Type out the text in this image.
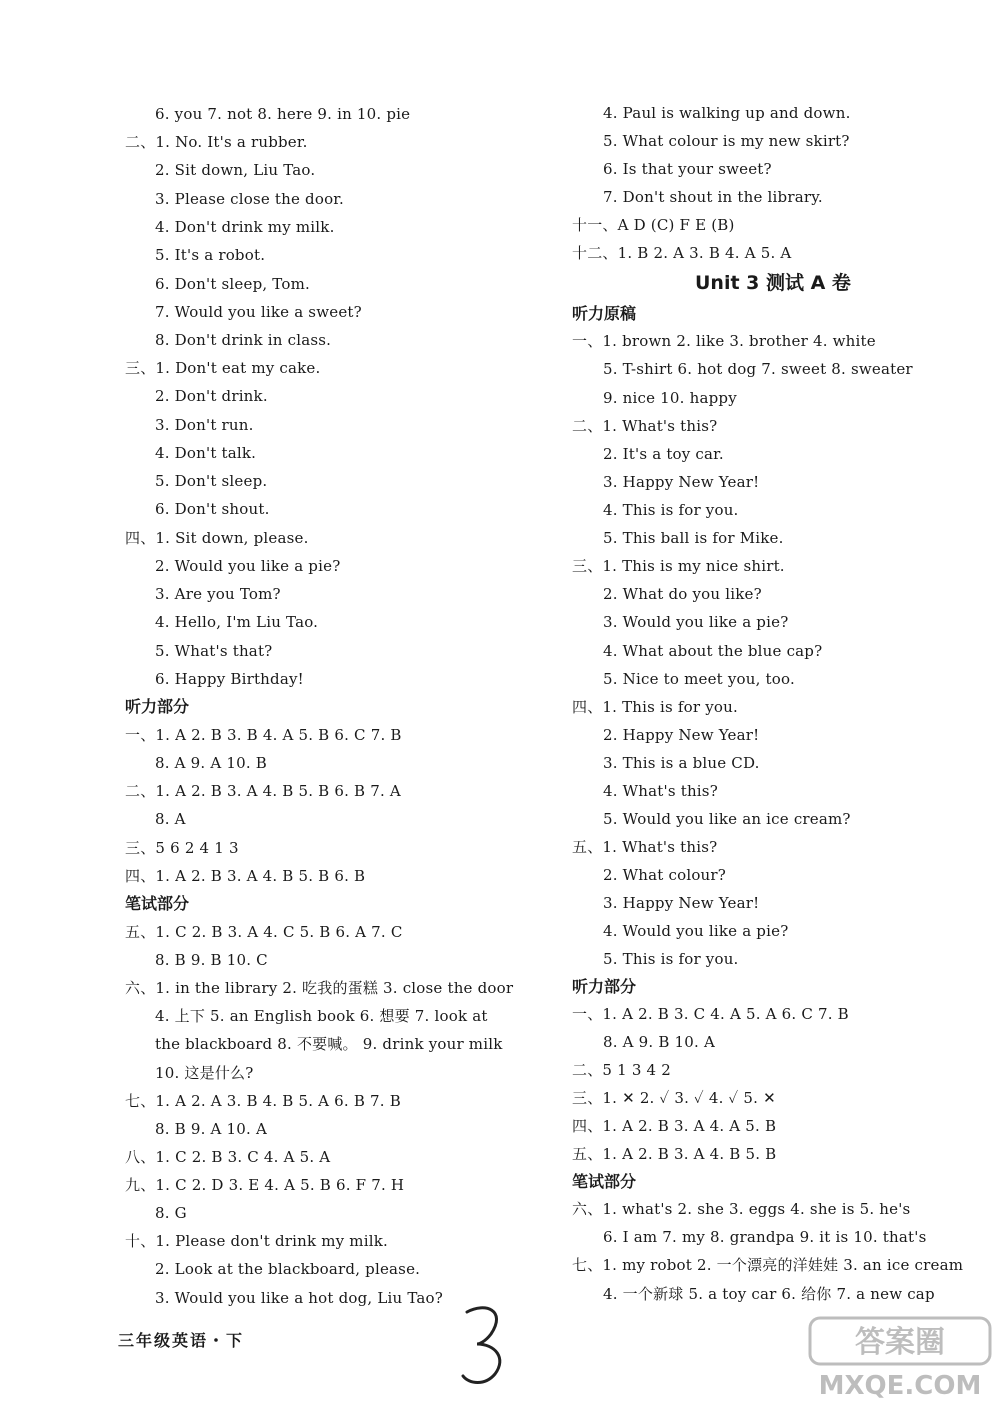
6. you 7. not 8. here 9. in 10. pie
二、1. No. It's a rubber.
2. Sit down, Liu Tao.
3. Please close the door.
4. Don't drink my milk.
5. It's a robot.
6. Don't sleep, Tom.
7. Would you like a sweet?
8. Don't drink in class.
三、1. Don't eat my cake.
2. Don't drink.
3. Don't run.
4. Don't talk.
5. Don't sleep.
6. Don't shout.
四、1. Sit down, please.
2. Would you like a pie?
3. Are you Tom?
4. Hello, I'm Liu Tao.
5. What's that?
6. Happy Birthday!
听力部分
一、1. A 2. B 3. B 4. A 5. B 6. C 7. B
8. A 9. A 10. B
二、1. A 2. B 3. A 4. B 5. B 6. B 7. A
8. A
三、5 6 2 4 1 3
四、1. A 2. B 3. A 4. B 5. B 6. B
笔试部分
五、1. C 2. B 3. A 4. C 5. B 6. A 7. C
8. B 9. B 10. C
六、1. in the library 2. 吃我的蛋糕 3. close the door
4. 上下 5. an English book 6. 想要 7. look at
the blackboard 8. 不要喊。 9. drink your milk
10. 这是什么?
七、1. A 2. A 3. B 4. B 5. A 6. B 7. B
8. B 9. A 10. A
八、1. C 2. B 3. C 4. A 5. A
九、1. C 2. D 3. E 4. A 5. B 6. F 7. H
8. G
十、1. Please don't drink my milk.
2. Look at the blackboard, please.
3. Would you like a hot dog, Liu Tao?
4. Paul is walking up and down.
5. What colour is my new skirt?
6. Is that your sweet?
7. Don't shout in the library.
十一、A D (C) F E (B)
十二、1. B 2. A 3. B 4. A 5. A
Unit 3 测试 A 卷
听力原稿
一、1. brown 2. like 3. brother 4. white
5. T-shirt 6. hot dog 7. sweet 8. sweater
9. nice 10. happy
二、1. What's this?
2. It's a toy car.
3. Happy New Year!
4. This is for you.
5. This ball is for Mike.
三、1. This is my nice shirt.
2. What do you like?
3. Would you like a pie?
4. What about the blue cap?
5. Nice to meet you, too.
四、1. This is for you.
2. Happy New Year!
3. This is a blue CD.
4. What's this?
5. Would you like an ice cream?
五、1. What's this?
2. What colour?
3. Happy New Year!
4. Would you like a pie?
5. This is for you.
听力部分
一、1. A 2. B 3. C 4. A 5. A 6. C 7. B
8. A 9. B 10. A
二、5 1 3 4 2
三、1. ✕ 2. ✓ 3. ✓ 4. ✓ 5. ✕
四、1. A 2. B 3. A 4. A 5. B
五、1. A 2. B 3. A 4. B 5. B
笔试部分
六、1. what's 2. she 3. eggs 4. she is 5. he's
6. I am 7. my 8. grandpa 9. it is 10. that's
七、1. my robot 2. 一个漂亮的洋娃娃 3. an ice cream
4. 一个新球 5. a toy car 6. 给你 7. a new cap
三年级英语・下	答案圈
MXQE.COM
